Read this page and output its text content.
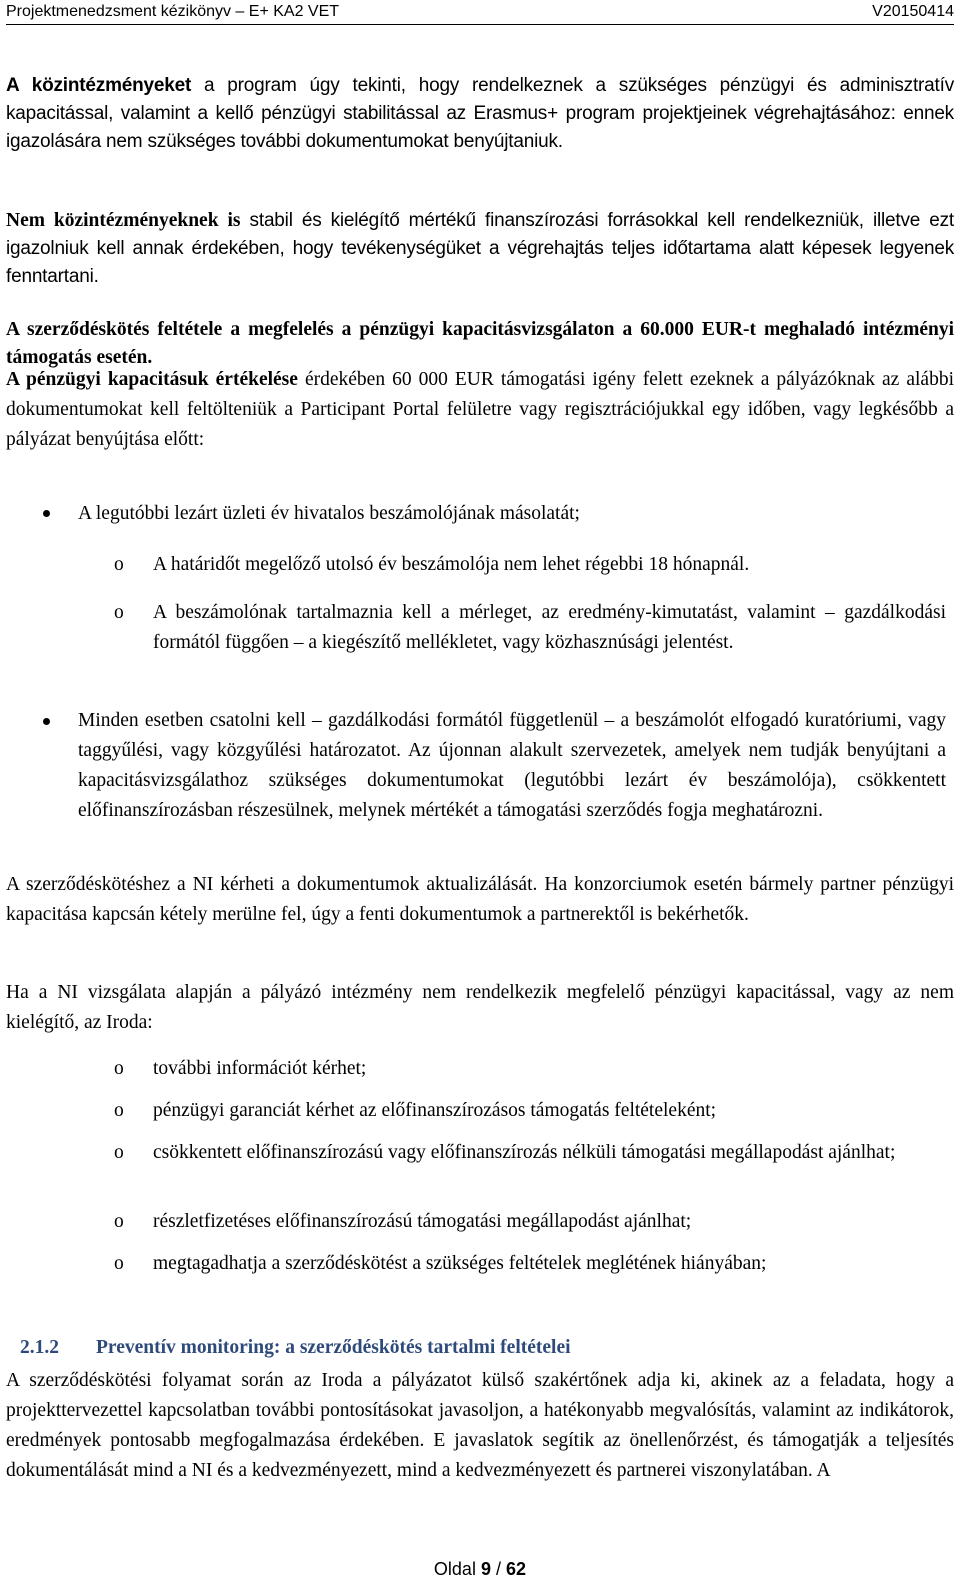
Projektmenedzsment kézikönyv – E+ KA2 VET	V20150414
A közintézményeket a program úgy tekinti, hogy rendelkeznek a szükséges pénzügyi és adminisztratív kapacitással, valamint a kellő pénzügyi stabilitással az Erasmus+ program projektjeinek végrehajtásához: ennek igazolására nem szükséges további dokumentumokat benyújtaniuk.
Nem közintézményeknek is stabil és kielégítő mértékű finanszírozási forrásokkal kell rendelkezniük, illetve ezt igazolniuk kell annak érdekében, hogy tevékenységüket a végrehajtás teljes időtartama alatt képesek legyenek fenntartani.
A szerződéskötés feltétele a megfelelés a pénzügyi kapacitásvizsgálaton a 60.000 EUR-t meghaladó intézményi támogatás esetén.
A pénzügyi kapacitásuk értékelése érdekében 60 000 EUR támogatási igény felett ezeknek a pályázóknak az alábbi dokumentumokat kell feltölteniük a Participant Portal felületre vagy regisztrációjukkal egy időben, vagy legkésőbb a pályázat benyújtása előtt:
A legutóbbi lezárt üzleti év hivatalos beszámolójának másolatát;
o A határidőt megelőző utolsó év beszámolója nem lehet régebbi 18 hónapnál.
o A beszámolónak tartalmaznia kell a mérleget, az eredmény-kimutatást, valamint – gazdálkodási formától függően – a kiegészítő mellékletet, vagy közhasznúsági jelentést.
Minden esetben csatolni kell – gazdálkodási formától függetlenül – a beszámolót elfogadó kuratóriumi, vagy taggyűlési, vagy közgyűlési határozatot. Az újonnan alakult szervezetek, amelyek nem tudják benyújtani a kapacitásvizsgálathoz szükséges dokumentumokat (legutóbbi lezárt év beszámolója), csökkentett előfinanszírozásban részesülnek, melynek mértékét a támogatási szerződés fogja meghatározni.
A szerződéskötéshez a NI kérheti a dokumentumok aktualizálását. Ha konzorciumok esetén bármely partner pénzügyi kapacitása kapcsán kétely merülne fel, úgy a fenti dokumentumok a partnerektől is bekérhetők.
Ha a NI vizsgálata alapján a pályázó intézmény nem rendelkezik megfelelő pénzügyi kapacitással, vagy az nem kielégítő, az Iroda:
o további információt kérhet;
o pénzügyi garanciát kérhet az előfinanszírozásos támogatás feltételeként;
o csökkentett előfinanszírozású vagy előfinanszírozás nélküli támogatási megállapodást ajánlhat;
o részletfizetéses előfinanszírozású támogatási megállapodást ajánlhat;
o megtagadhatja a szerződéskötést a szükséges feltételek meglétének hiányában;
2.1.2 Preventív monitoring: a szerződéskötés tartalmi feltételei
A szerződéskötési folyamat során az Iroda a pályázatot külső szakértőnek adja ki, akinek az a feladata, hogy a projekttervezettel kapcsolatban további pontosításokat javasoljon, a hatékonyabb megvalósítás, valamint az indikátorok, eredmények pontosabb megfogalmazása érdekében. E javaslatok segítik az önellenőrzést, és támogatják a teljesítés dokumentálását mind a NI és a kedvezményezett, mind a kedvezményezett és partnerei viszonylatában. A
Oldal 9 / 62
